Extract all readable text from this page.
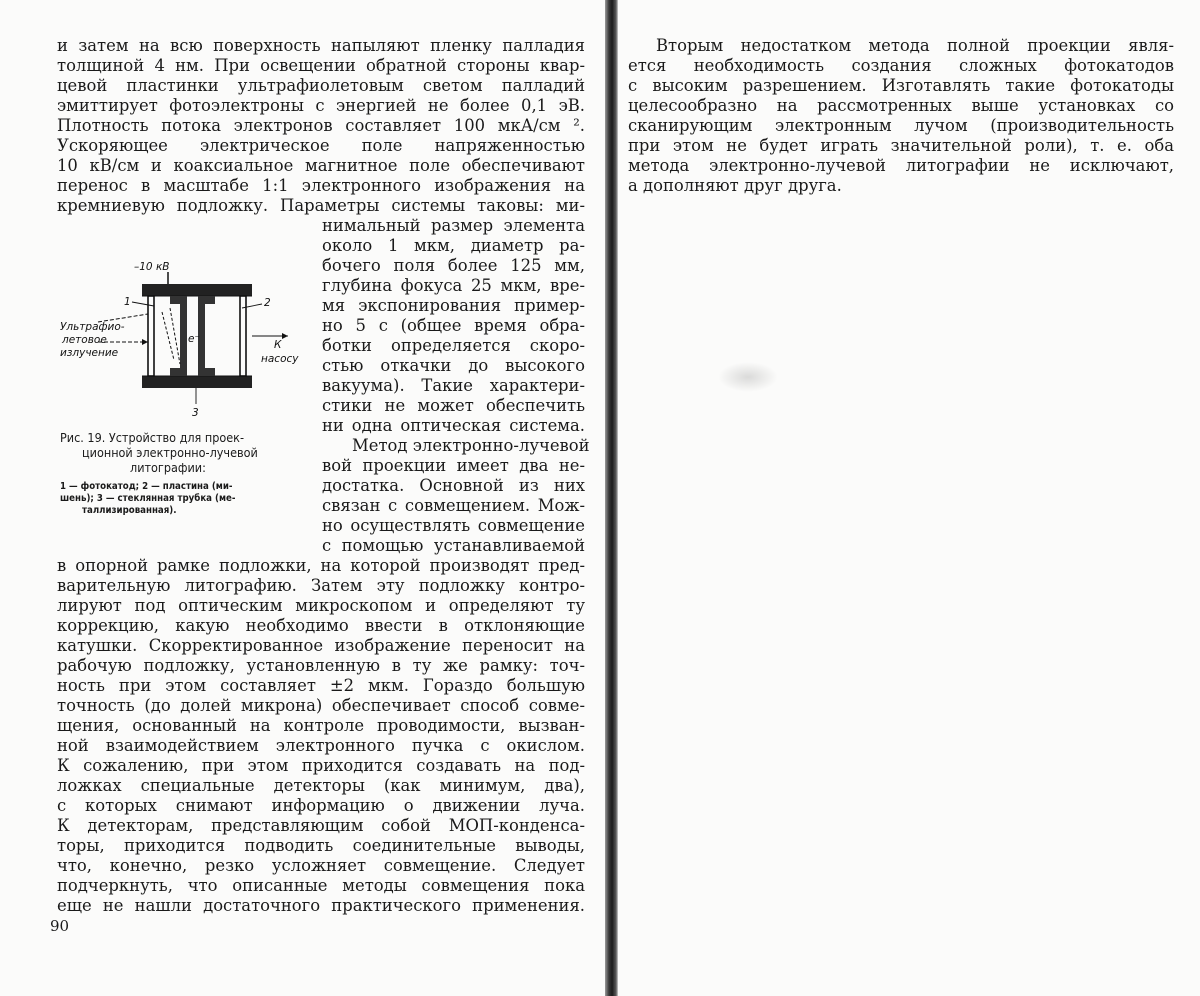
и затем на всю поверхность напыляют пленку палладия
толщиной 4 нм. При освещении обратной стороны квар-
цевой пластинки ультрафиолетовым светом палладий
эмиттирует фотоэлектроны с энергией не более 0,1 эВ.
Плотность потока электронов составляет 100 мкА/см ².
Ускоряющее электрическое поле напряженностью
10 кВ/см и коаксиальное магнитное поле обеспечивают
перенос в масштабе 1:1 электронного изображения на
кремниевую подложку. Параметры системы таковы: ми-
нимальный размер элемента
около 1 мкм, диаметр ра-
бочего поля более 125 мм,
глубина фокуса 25 мкм, вре-
мя экспонирования пример-
но 5 с (общее время обра-
ботки определяется скоро-
стью откачки до высокого
вакуума). Такие характери-
стики не может обеспечить
ни одна оптическая система.
Метод электронно-лучевой
вой проекции имеет два не-
достатка. Основной из них
связан с совмещением. Мож-
но осуществлять совмещение
с помощью устанавливаемой
–10 кВ
1	2
3
e⁻
Ультрафио-
летовое
излучение
К
насосу
Рис. 19. Устройство для проек-
ционной электронно-лучевой
литографии:
1 — фотокатод; 2 — пластина (ми-
шень); 3 — стеклянная трубка (ме-
таллизированная).
в опорной рамке подложки, на которой производят пред-
варительную литографию. Затем эту подложку контро-
лируют под оптическим микроскопом и определяют ту
коррекцию, какую необходимо ввести в отклоняющие
катушки. Скорректированное изображение переносит на
рабочую подложку, установленную в ту же рамку: точ-
ность при этом составляет ±2 мкм. Гораздо большую
точность (до долей микрона) обеспечивает способ совме-
щения, основанный на контроле проводимости, вызван-
ной взаимодействием электронного пучка с окислом.
К сожалению, при этом приходится создавать на под-
ложках специальные детекторы (как минимум, два),
с которых снимают информацию о движении луча.
К детекторам, представляющим собой МОП-конденса-
торы, приходится подводить соединительные выводы,
что, конечно, резко усложняет совмещение. Следует
подчеркнуть, что описанные методы совмещения пока
еще не нашли достаточного практического применения.
90
Вторым недостатком метода полной проекции явля-
ется необходимость создания сложных фотокатодов
с высоким разрешением. Изготавлять такие фотокатоды
целесообразно на рассмотренных выше установках со
сканирующим электронным лучом (производительность
при этом не будет играть значительной роли), т. е. оба
метода электронно-лучевой литографии не исключают,
а дополняют друг друга.
